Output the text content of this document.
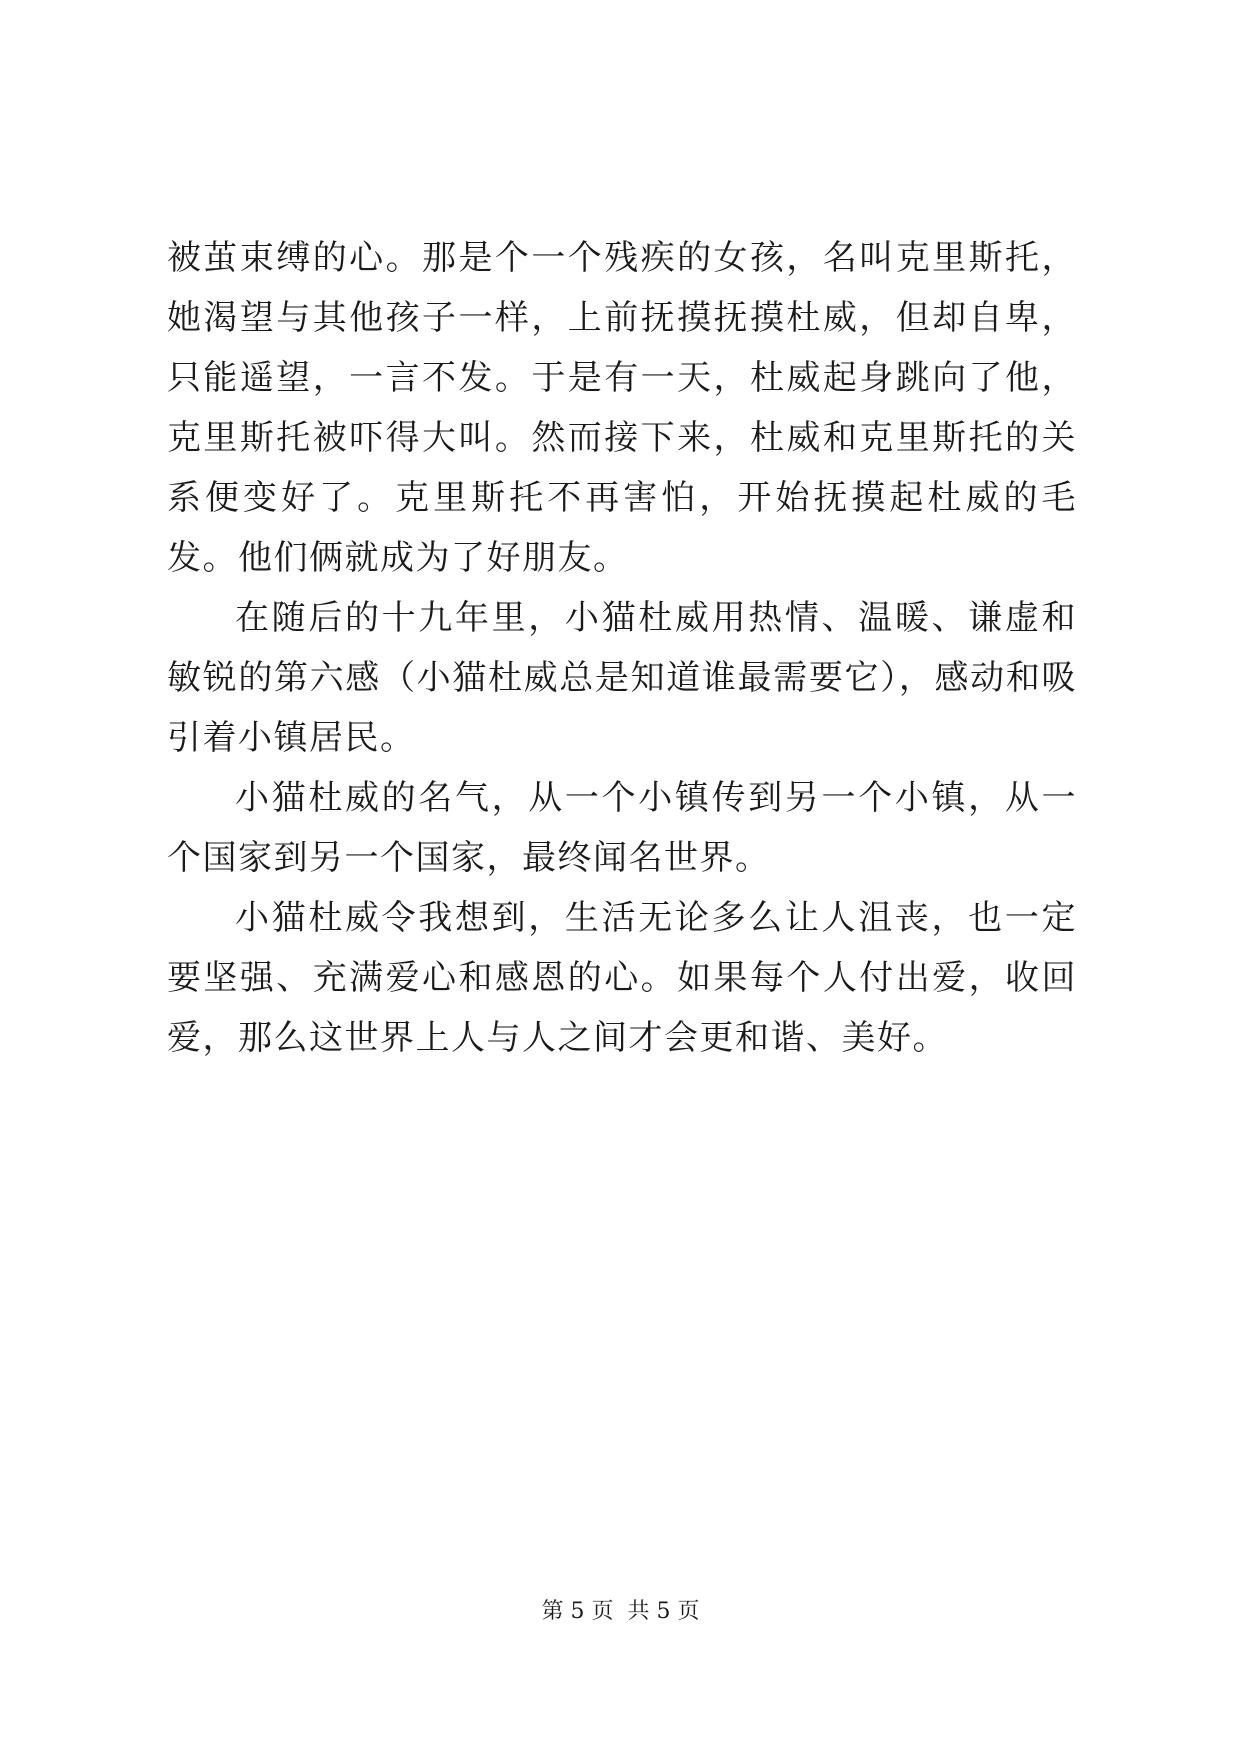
被茧束缚的心。那是个一个残疾的女孩，名叫克里斯托，她渴望与其他孩子一样，上前抚摸抚摸杜威，但却自卑，只能遥望，一言不发。于是有一天，杜威起身跳向了他，克里斯托被吓得大叫。然而接下来，杜威和克里斯托的关系便变好了。克里斯托不再害怕，开始抚摸起杜威的毛发。他们俩就成为了好朋友。

在随后的十九年里，小猫杜威用热情、温暖、谦虚和敏锐的第六感（小猫杜威总是知道谁最需要它），感动和吸引着小镇居民。

小猫杜威的名气，从一个小镇传到另一个小镇，从一个国家到另一个国家，最终闻名世界。

小猫杜威令我想到，生活无论多么让人沮丧，也一定要坚强、充满爱心和感恩的心。如果每个人付出爱，收回爱，那么这世界上人与人之间才会更和谐、美好。

第 5 页 共 5 页
